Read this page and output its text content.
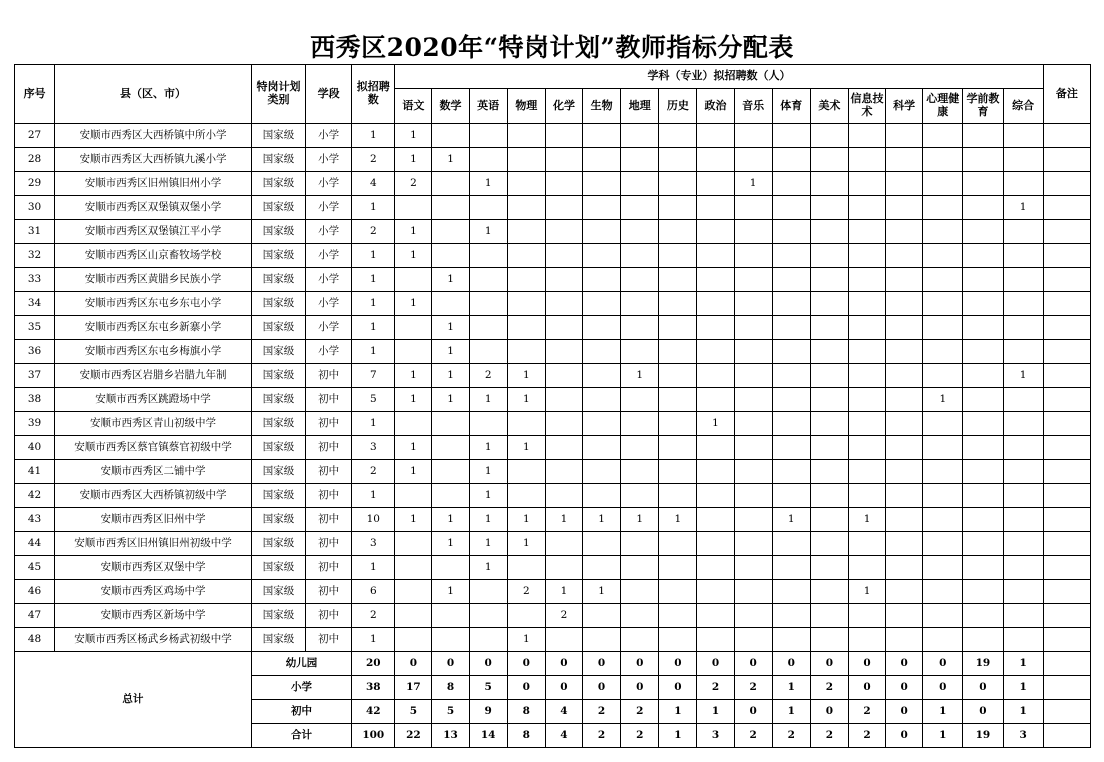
西秀区2020年“特岗计划”教师指标分配表
序号	县（区、市）	特岗计划类别	学段	拟招聘数	学科（专业）拟招聘数（人）																	备注
					语文	数学	英语	物理	化学	生物	地理	历史	政治	音乐	体育	美术	信息技术	科学	心理健康	学前教育	综合	
27	安顺市西秀区大西桥镇中所小学	国家级	小学	1	1																	
28	安顺市西秀区大西桥镇九溪小学	国家级	小学	2	1	1																
29	安顺市西秀区旧州镇旧州小学	国家级	小学	4	2		1							1								
30	安顺市西秀区双堡镇双堡小学	国家级	小学	1																	1	
31	安顺市西秀区双堡镇江平小学	国家级	小学	2	1		1															
32	安顺市西秀区山京畜牧场学校	国家级	小学	1	1																	
33	安顺市西秀区黄腊乡民族小学	国家级	小学	1		1																
34	安顺市西秀区东屯乡东屯小学	国家级	小学	1	1																	
35	安顺市西秀区东屯乡新寨小学	国家级	小学	1		1																
36	安顺市西秀区东屯乡梅旗小学	国家级	小学	1		1																
37	安顺市西秀区岩腊乡岩腊九年制	国家级	初中	7	1	1	2	1			1										1	
38	安顺市西秀区跳蹬场中学	国家级	初中	5	1	1	1	1											1			
39	安顺市西秀区青山初级中学	国家级	初中	1									1									
40	安顺市西秀区蔡官镇蔡官初级中学	国家级	初中	3	1		1	1														
41	安顺市西秀区二铺中学	国家级	初中	2	1		1															
42	安顺市西秀区大西桥镇初级中学	国家级	初中	1			1															
43	安顺市西秀区旧州中学	国家级	初中	10	1	1	1	1	1	1	1	1			1		1					
44	安顺市西秀区旧州镇旧州初级中学	国家级	初中	3		1	1	1														
45	安顺市西秀区双堡中学	国家级	初中	1			1															
46	安顺市西秀区鸡场中学	国家级	初中	6		1		2	1	1							1					
47	安顺市西秀区新场中学	国家级	初中	2					2													
48	安顺市西秀区杨武乡杨武初级中学	国家级	初中	1				1														
总计		幼儿园		20	0	0	0	0	0	0	0	0	0	0	0	0	0	0	0	19	1	
		小学		38	17	8	5	0	0	0	0	0	2	2	1	2	0	0	0	0	1	
		初中		42	5	5	9	8	4	2	2	1	1	0	1	0	2	0	1	0	1	
		合计		100	22	13	14	8	4	2	2	1	3	2	2	2	2	0	1	19	3	
